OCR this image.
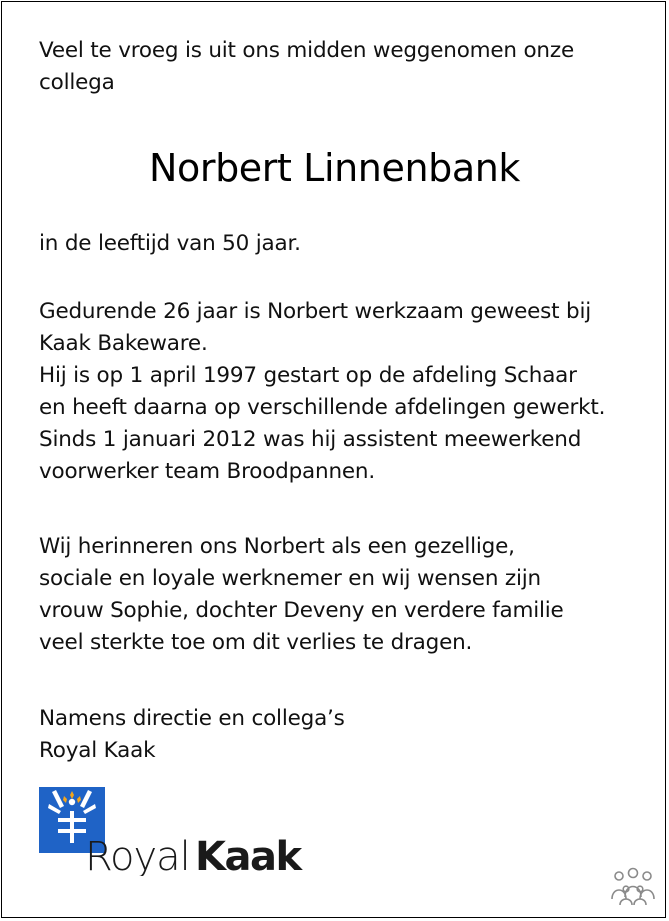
Veel te vroeg is uit ons midden weggenomen onze
collega

Norbert Linnenbank

in de leeftijd van 50 jaar.

Gedurende 26 jaar is Norbert werkzaam geweest bij
Kaak Bakeware.
Hij is op 1 april 1997 gestart op de afdeling Schaar
en heeft daarna op verschillende afdelingen gewerkt.
Sinds 1 januari 2012 was hij assistent meewerkend
voorwerker team Broodpannen.

Wij herinneren ons Norbert als een gezellige,
sociale en loyale werknemer en wij wensen zijn
vrouw Sophie, dochter Deveny en verdere familie
veel sterkte toe om dit verlies te dragen.

Namens directie en collega’s
Royal Kaak

Royal Kaak
